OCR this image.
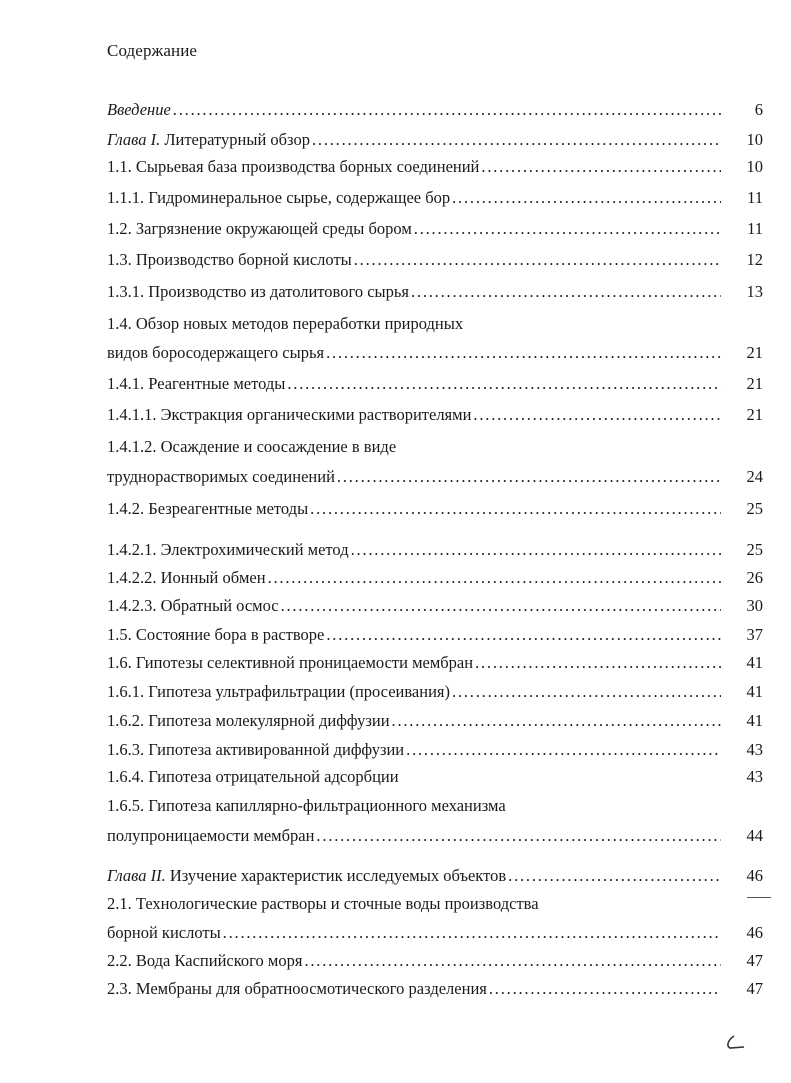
Содержание
Введение .....	6
Глава I. Литературный обзор .....	10
1.1. Сырьевая база производства борных соединений .....	10
1.1.1. Гидроминеральное сырье, содержащее бор .....	11
1.2. Загрязнение окружающей среды бором .....	11
1.3. Производство борной кислоты .....	12
1.3.1. Производство из датолитового сырья .....	13
1.4. Обзор новых методов переработки природных
видов боросодержащего сырья .....	21
1.4.1. Реагентные методы .....	21
1.4.1.1. Экстракция органическими растворителями .....	21
1.4.1.2. Осаждение и соосаждение в виде
труднорастворимых соединений .....	24
1.4.2. Безреагентные методы .....	25
1.4.2.1. Электрохимический метод .....	25
1.4.2.2. Ионный обмен .....	26
1.4.2.3. Обратный осмос .....	30
1.5. Состояние бора в растворе .....	37
1.6. Гипотезы селективной проницаемости мембран .....	41
1.6.1. Гипотеза ультрафильтрации (просеивания) .....	41
1.6.2. Гипотеза молекулярной диффузии .....	41
1.6.3. Гипотеза активированной диффузии .....	43
1.6.4. Гипотеза отрицательной адсорбции	43
1.6.5. Гипотеза капиллярно-фильтрационного механизма
полупроницаемости мембран .....	44
Глава II. Изучение характеристик исследуемых объектов .....	46
2.1. Технологические растворы и сточные воды производства
борной кислоты .....	46
2.2. Вода Каспийского моря .....	47
2.3. Мембраны для обратноосмотического разделения .....	47
